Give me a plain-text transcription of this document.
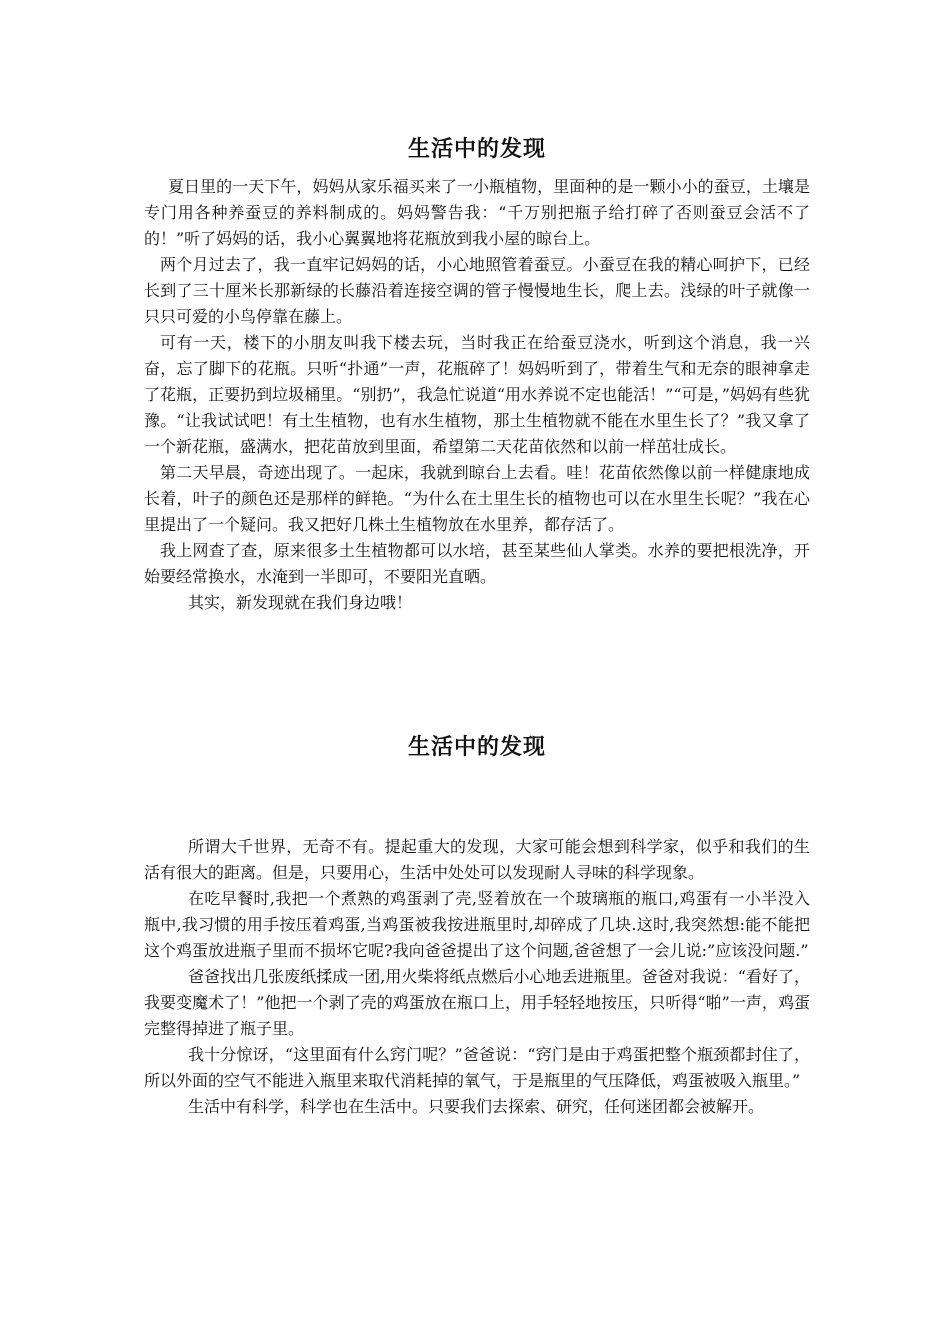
生活中的发现

夏日里的一天下午，妈妈从家乐福买来了一小瓶植物，里面种的是一颗小小的蚕豆，土壤是专门用各种养蚕豆的养料制成的。妈妈警告我：“千万别把瓶子给打碎了否则蚕豆会活不了的！”听了妈妈的话，我小心翼翼地将花瓶放到我小屋的晾台上。

两个月过去了，我一直牢记妈妈的话，小心地照管着蚕豆。小蚕豆在我的精心呵护下，已经长到了三十厘米长那新绿的长藤沿着连接空调的管子慢慢地生长，爬上去。浅绿的叶子就像一只只可爱的小鸟停靠在藤上。

可有一天，楼下的小朋友叫我下楼去玩，当时我正在给蚕豆浇水，听到这个消息，我一兴奋，忘了脚下的花瓶。只听“扑通”一声，花瓶碎了！妈妈听到了，带着生气和无奈的眼神拿走了花瓶，正要扔到垃圾桶里。“别扔”，我急忙说道“用水养说不定也能活！”“可是，”妈妈有些犹豫。“让我试试吧！有土生植物，也有水生植物，那土生植物就不能在水里生长了？”我又拿了一个新花瓶，盛满水，把花苗放到里面，希望第二天花苗依然和以前一样茁壮成长。

第二天早晨，奇迹出现了。一起床，我就到晾台上去看。哇！花苗依然像以前一样健康地成长着，叶子的颜色还是那样的鲜艳。“为什么在土里生长的植物也可以在水里生长呢？”我在心里提出了一个疑问。我又把好几株土生植物放在水里养，都存活了。

我上网查了查，原来很多土生植物都可以水培，甚至某些仙人掌类。水养的要把根洗净，开始要经常换水，水淹到一半即可，不要阳光直晒。

其实，新发现就在我们身边哦！

生活中的发现

所谓大千世界，无奇不有。提起重大的发现，大家可能会想到科学家，似乎和我们的生活有很大的距离。但是，只要用心，生活中处处可以发现耐人寻味的科学现象。

在吃早餐时,我把一个煮熟的鸡蛋剥了壳,竖着放在一个玻璃瓶的瓶口,鸡蛋有一小半没入瓶中,我习惯的用手按压着鸡蛋,当鸡蛋被我按进瓶里时,却碎成了几块.这时,我突然想:能不能把这个鸡蛋放进瓶子里而不损坏它呢?我向爸爸提出了这个问题,爸爸想了一会儿说:”应该没问题.”

爸爸找出几张废纸揉成一团,用火柴将纸点燃后小心地丢进瓶里。爸爸对我说：“看好了，我要变魔术了！”他把一个剥了壳的鸡蛋放在瓶口上，用手轻轻地按压，只听得“啪”一声，鸡蛋完整得掉进了瓶子里。

我十分惊讶，“这里面有什么窍门呢？”爸爸说：“窍门是由于鸡蛋把整个瓶颈都封住了，所以外面的空气不能进入瓶里来取代消耗掉的氧气，于是瓶里的气压降低，鸡蛋被吸入瓶里。”

生活中有科学，科学也在生活中。只要我们去探索、研究，任何迷团都会被解开。
